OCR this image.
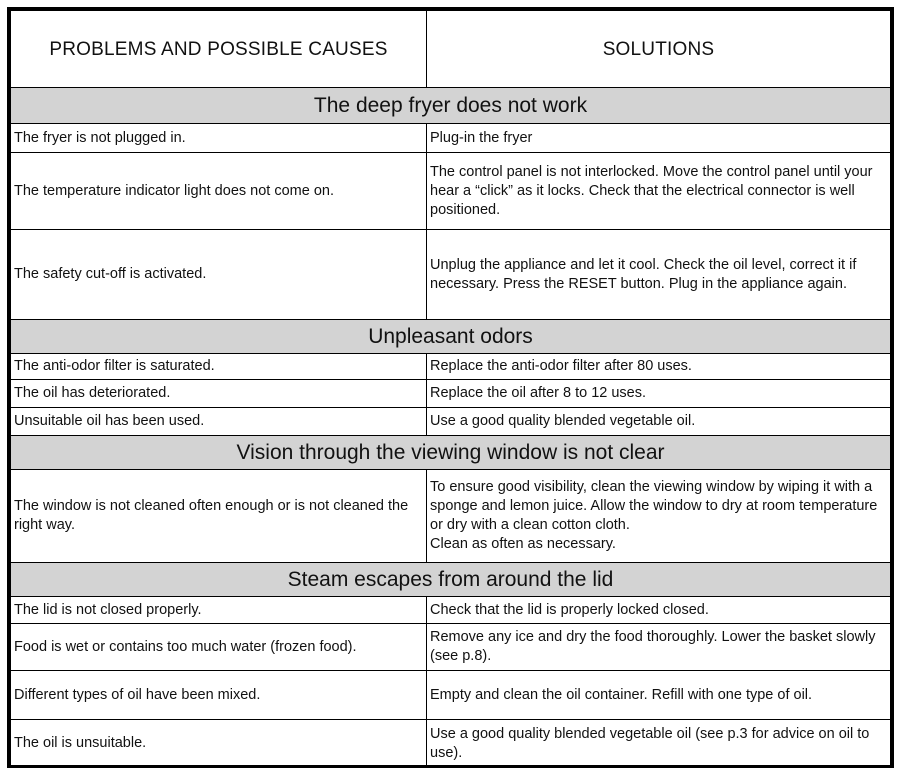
PROBLEMS AND POSSIBLE CAUSES	SOLUTIONS
The deep fryer does not work	
The fryer is not plugged in.	Plug-in the fryer
The temperature indicator light does not come on.	The control panel is not interlocked. Move the control panel until your hear a “click” as it locks. Check that the electrical connector is well positioned.
The safety cut-off is activated.	Unplug the appliance and let it cool. Check the oil level, correct it if necessary. Press the RESET button. Plug in the appliance again.
Unpleasant odors	
The anti-odor filter is saturated.	Replace the anti-odor filter after 80 uses.
The oil has deteriorated.	Replace the oil after 8 to 12 uses.
Unsuitable oil has been used.	Use a good quality blended vegetable oil.
Vision through the viewing window is not clear	
The window is not cleaned often enough or is not cleaned the right way.	To ensure good visibility, clean the viewing window by wiping it with a sponge and lemon juice. Allow the window to dry at room temperature or dry with a clean cotton cloth.
Clean as often as necessary.
Steam escapes from around the lid	
The lid is not closed properly.	Check that the lid is properly locked closed.
Food is wet or contains too much water (frozen food).	Remove any ice and dry the food thoroughly. Lower the basket slowly (see p.8).
Different types of oil have been mixed.	Empty and clean the oil container. Refill with one type of oil.
The oil is unsuitable.	Use a good quality blended vegetable oil (see p.3 for advice on oil to use).
